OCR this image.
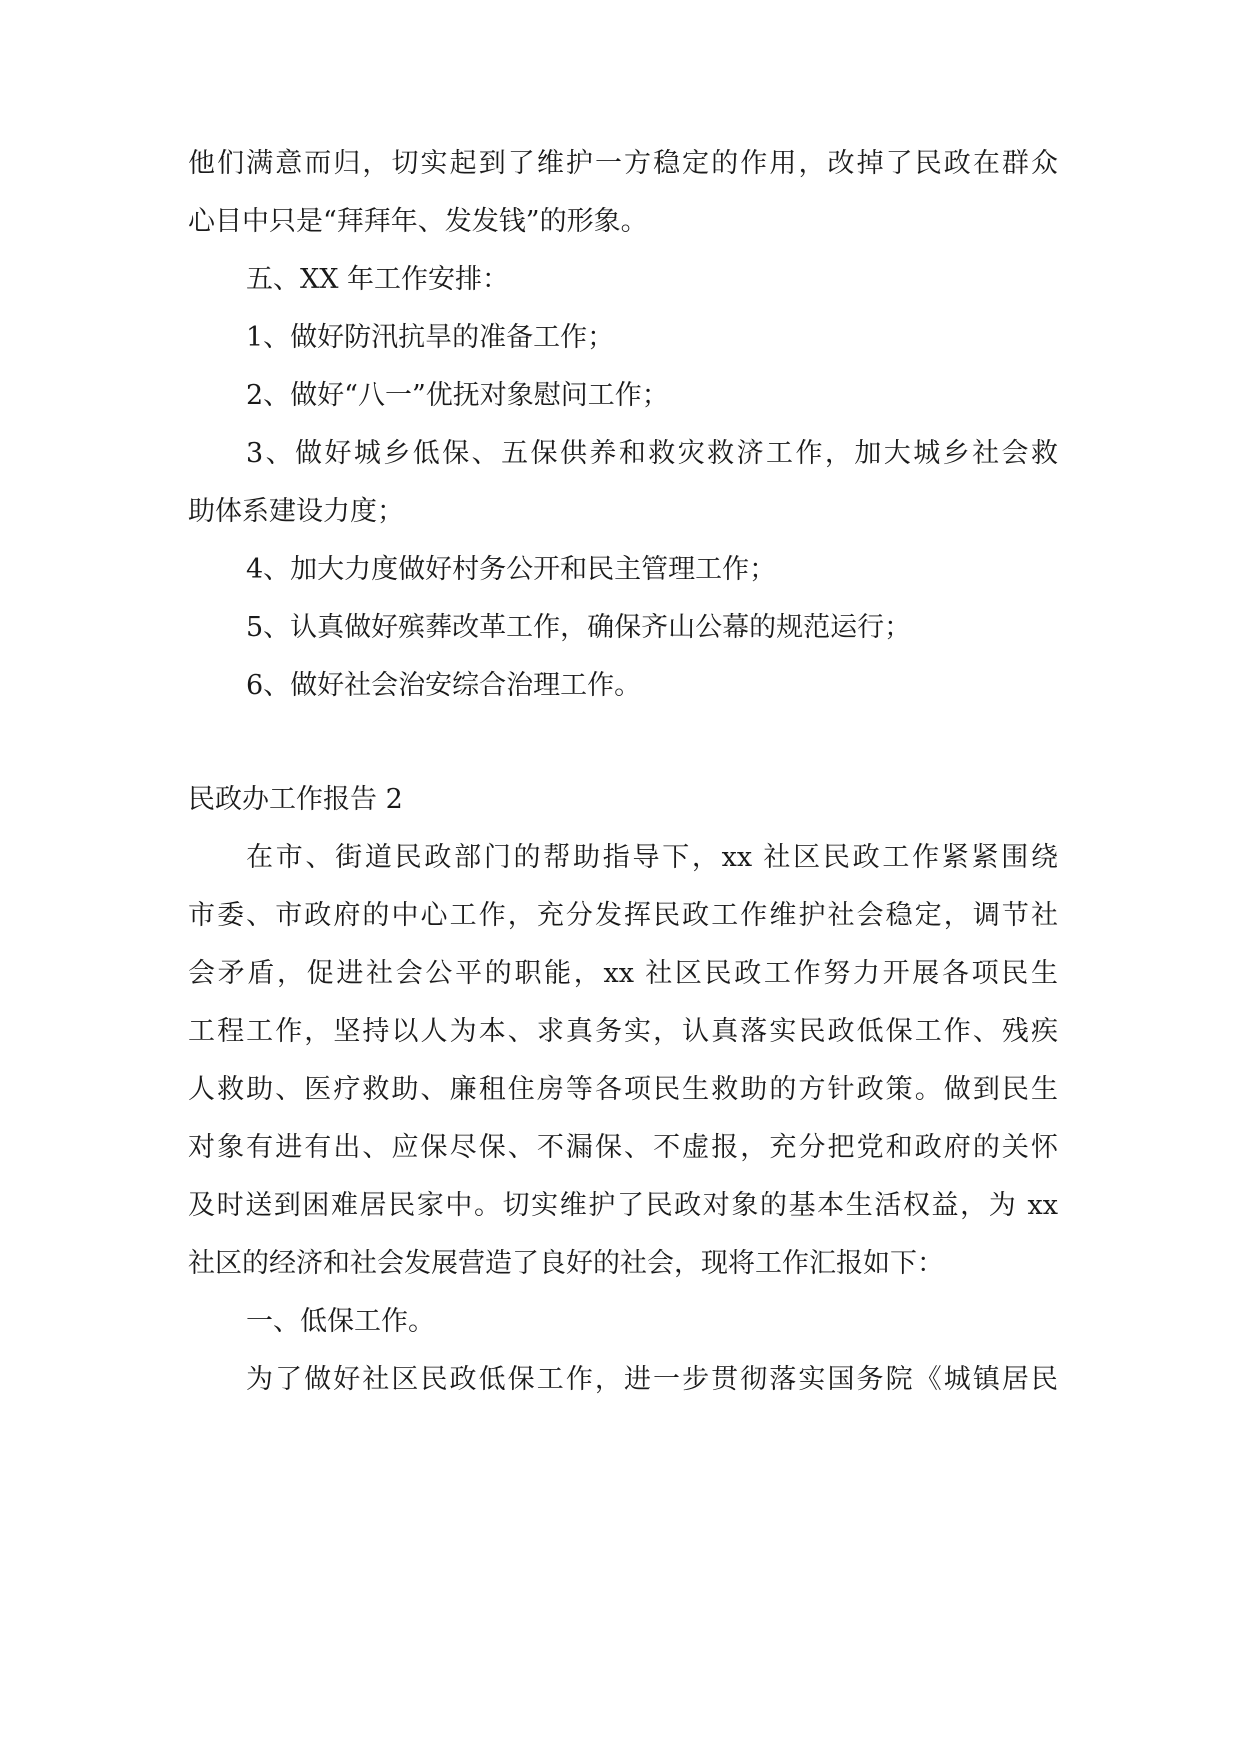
他们满意而归，切实起到了维护一方稳定的作用，改掉了民政在群众
心目中只是“拜拜年、发发钱”的形象。
五、XX 年工作安排：
1、做好防汛抗旱的准备工作；
2、做好“八一”优抚对象慰问工作；
3、做好城乡低保、五保供养和救灾救济工作，加大城乡社会救
助体系建设力度；
4、加大力度做好村务公开和民主管理工作；
5、认真做好殡葬改革工作，确保齐山公幕的规范运行；
6、做好社会治安综合治理工作。
民政办工作报告 2
在市、街道民政部门的帮助指导下，xx 社区民政工作紧紧围绕
市委、市政府的中心工作，充分发挥民政工作维护社会稳定，调节社
会矛盾，促进社会公平的职能，xx 社区民政工作努力开展各项民生
工程工作，坚持以人为本、求真务实，认真落实民政低保工作、残疾
人救助、医疗救助、廉租住房等各项民生救助的方针政策。做到民生
对象有进有出、应保尽保、不漏保、不虚报，充分把党和政府的关怀
及时送到困难居民家中。切实维护了民政对象的基本生活权益，为 xx
社区的经济和社会发展营造了良好的社会，现将工作汇报如下：
一、低保工作。
为了做好社区民政低保工作，进一步贯彻落实国务院《城镇居民
